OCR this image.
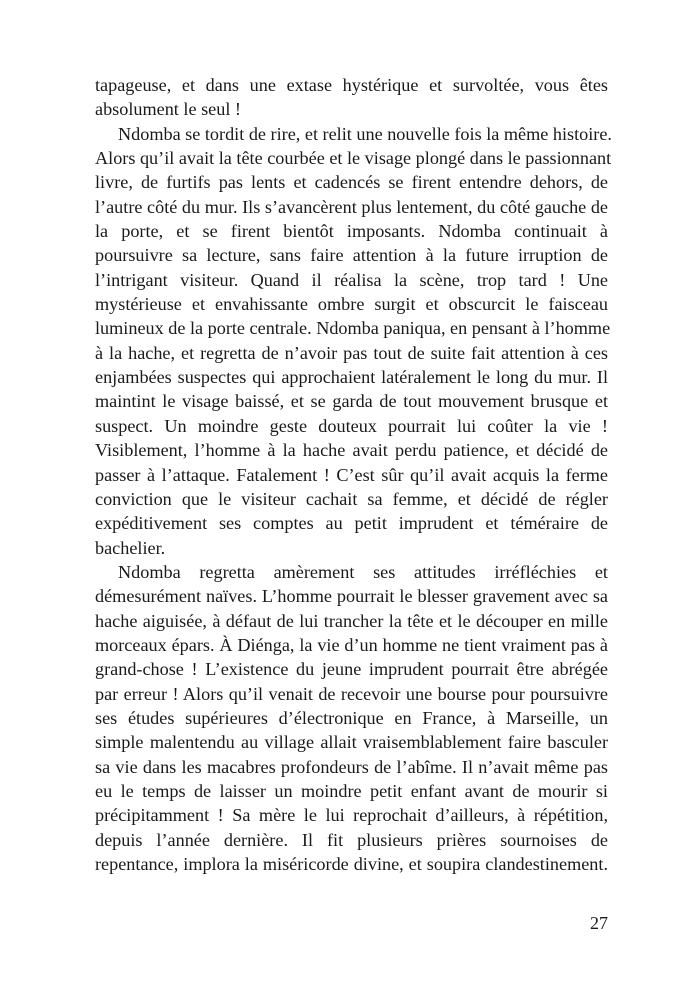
tapageuse, et dans une extase hystérique et survoltée, vous êtes
absolument le seul !
Ndomba se tordit de rire, et relit une nouvelle fois la même histoire.
Alors qu’il avait la tête courbée et le visage plongé dans le passionnant
livre, de furtifs pas lents et cadencés se firent entendre dehors, de
l’autre côté du mur. Ils s’avancèrent plus lentement, du côté gauche de
la porte, et se firent bientôt imposants. Ndomba continuait à
poursuivre sa lecture, sans faire attention à la future irruption de
l’intrigant visiteur. Quand il réalisa la scène, trop tard ! Une
mystérieuse et envahissante ombre surgit et obscurcit le faisceau
lumineux de la porte centrale. Ndomba paniqua, en pensant à l’homme
à la hache, et regretta de n’avoir pas tout de suite fait attention à ces
enjambées suspectes qui approchaient latéralement le long du mur. Il
maintint le visage baissé, et se garda de tout mouvement brusque et
suspect. Un moindre geste douteux pourrait lui coûter la vie !
Visiblement, l’homme à la hache avait perdu patience, et décidé de
passer à l’attaque. Fatalement ! C’est sûr qu’il avait acquis la ferme
conviction que le visiteur cachait sa femme, et décidé de régler
expéditivement ses comptes au petit imprudent et téméraire de
bachelier.
Ndomba regretta amèrement ses attitudes irréfléchies et
démesurément naïves. L’homme pourrait le blesser gravement avec sa
hache aiguisée, à défaut de lui trancher la tête et le découper en mille
morceaux épars. À Diénga, la vie d’un homme ne tient vraiment pas à
grand-chose ! L’existence du jeune imprudent pourrait être abrégée
par erreur ! Alors qu’il venait de recevoir une bourse pour poursuivre
ses études supérieures d’électronique en France, à Marseille, un
simple malentendu au village allait vraisemblablement faire basculer
sa vie dans les macabres profondeurs de l’abîme. Il n’avait même pas
eu le temps de laisser un moindre petit enfant avant de mourir si
précipitamment ! Sa mère le lui reprochait d’ailleurs, à répétition,
depuis l’année dernière. Il fit plusieurs prières sournoises de
repentance, implora la miséricorde divine, et soupira clandestinement.
27
